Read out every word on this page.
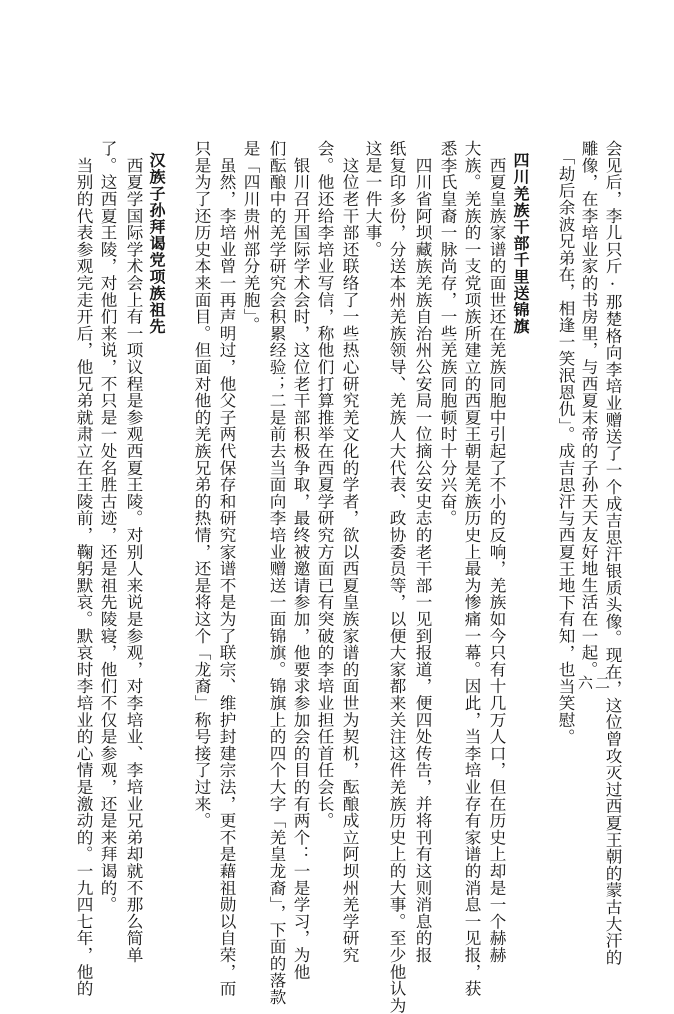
会见后，李儿只斤·那楚格向李培业赠送了一个成吉思汗银质头像。现在，这位曾攻灭过西夏王朝的蒙古大汗的
雕像，在李培业家的书房里，与西夏末帝的子孙天天友好地生活在一起。
　「劫后余波兄弟在，相逢一笑泯恩仇」。成吉思汗与西夏王地下有知，也当笑慰。
四川羌族干部千里送锦旗
　西夏皇族家谱的面世还在羌族同胞中引起了不小的反响，羌族如今只有十几万人口，但在历史上却是一个赫赫
大族。羌族的一支党项族所建立的西夏王朝是羌族历史上最为惨痛一幕。因此，当李培业存有家谱的消息一见报，获
悉李氏皇裔一脉尚存，一些羌族同胞顿时十分兴奋。
　四川省阿坝藏族羌族自治州公安局一位摘公安史志的老干部一见到报道，便四处传告，并将刊有这则消息的报
纸复印多份，分送本州羌族领导、羌族人大代表、政协委员等，以便大家都来关注这件羌族历史上的大事。至少他认为
这是一件大事。
　这位老干部还联络了一些热心研究羌文化的学者，欲以西夏皇族家谱的面世为契机，酝酿成立阿坝州羌学研究
会。他还给李培业写信，称他们打算推举在西夏学研究方面已有突破的李培业担任首任会长。
　银川召开国际学术会时，这位老干部积极争取，最终被邀请参加，他要求参加会的目的有两个：一是学习，为他
们酝酿中的羌学研究会积累经验；二是前去当面向李培业赠送一面锦旗。锦旗上的四个大字「羌皇龙裔」，下面的落款
是「四川贵州部分羌胞」。
　虽然，李培业曾一再声明过，他父子两代保存和研究家谱不是为了联宗、维护封建宗法，更不是藉祖勋以自荣，而
只是为了还历史本来面目。但面对他的羌族兄弟的热情，还是将这个「龙裔」称号接了过来。
汉族子孙拜谒党项族祖先
　西夏学国际学术会上有一项议程是参观西夏王陵。对别人来说是参观，对李培业、李培业兄弟却就不那么简单
了。这西夏王陵，对他们来说，不只是一处名胜古迹，还是祖先陵寝，他们不仅是参观，还是来拜谒的。
　当别的代表参观完走开后，他兄弟就肃立在王陵前，鞠躬默哀。默哀时李培业的心情是激动的。一九四七年，他的	六二
